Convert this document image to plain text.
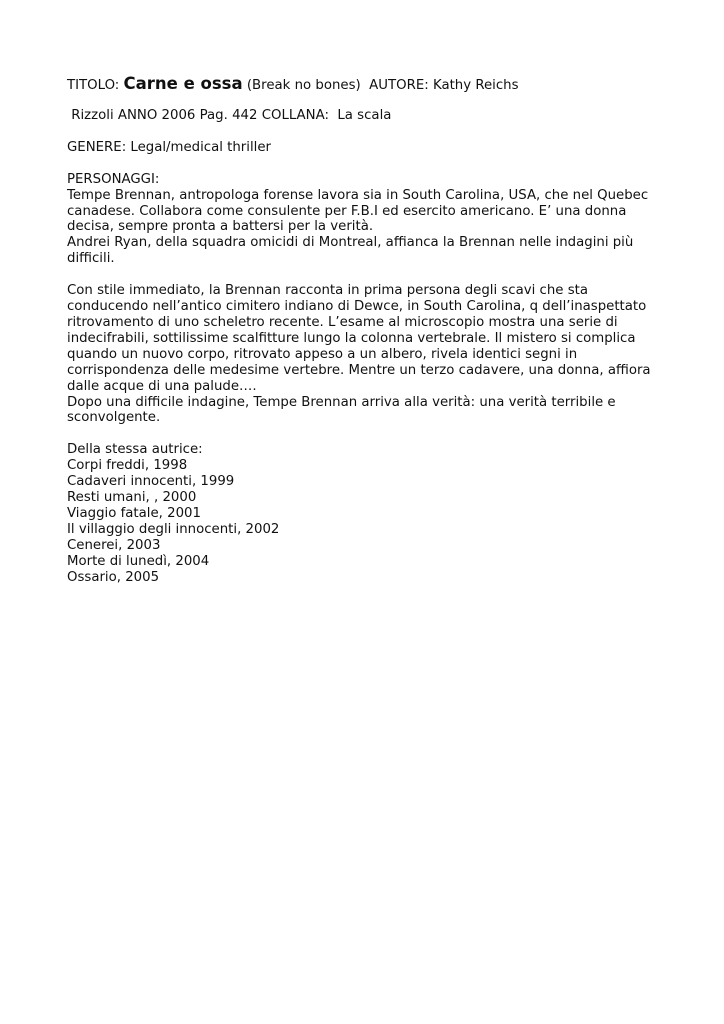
TITOLO: Carne e ossa (Break no bones) AUTORE: Kathy Reichs
Rizzoli ANNO 2006 Pag. 442 COLLANA:  La scala
GENERE: Legal/medical thriller
PERSONAGGI:
Tempe Brennan, antropologa forense lavora sia in South Carolina, USA, che nel Quebec
canadese. Collabora come consulente per F.B.I ed esercito americano. E’ una donna
decisa, sempre pronta a battersi per la verità.
Andrei Ryan, della squadra omicidi di Montreal, affianca la Brennan nelle indagini più
difficili.
Con stile immediato, la Brennan racconta in prima persona degli scavi che sta
conducendo nell’antico cimitero indiano di Dewce, in South Carolina, q dell’inaspettato
ritrovamento di uno scheletro recente. L’esame al microscopio mostra una serie di
indecifrabili, sottilissime scalfitture lungo la colonna vertebrale. Il mistero si complica
quando un nuovo corpo, ritrovato appeso a un albero, rivela identici segni in
corrispondenza delle medesime vertebre. Mentre un terzo cadavere, una donna, affiora
dalle acque di una palude….
Dopo una difficile indagine, Tempe Brennan arriva alla verità: una verità terribile e
sconvolgente.
Della stessa autrice:
Corpi freddi, 1998
Cadaveri innocenti, 1999
Resti umani, , 2000
Viaggio fatale, 2001
Il villaggio degli innocenti, 2002
Cenerei, 2003
Morte di lunedì, 2004
Ossario, 2005
